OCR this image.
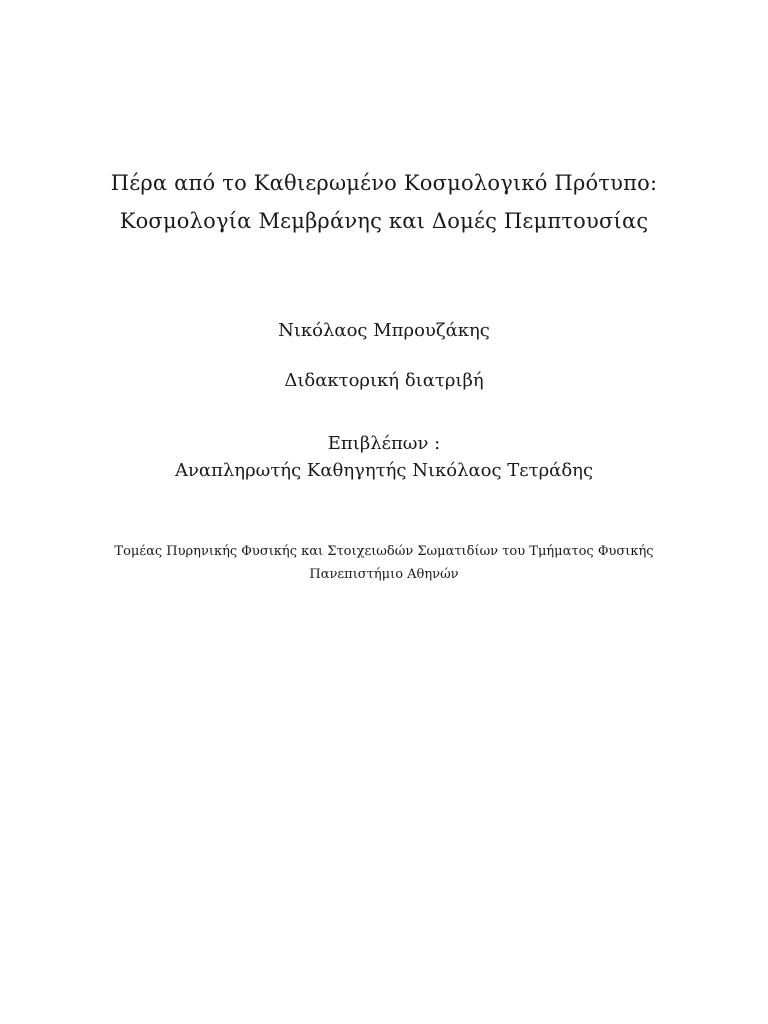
Πέρα από το Καθιερωμένο Κοσμολογικό Πρότυπο:
Κοσμολογία Μεμβράνης και Δομές Πεμπτουσίας
Νικόλαος Μπρουζάκης
Διδακτορική διατριβή
Επιβλέπων :
Αναπληρωτής Καθηγητής Νικόλαος Τετράδης
Τομέας Πυρηνικής Φυσικής και Στοιχειωδών Σωματιδίων του Τμήματος Φυσικής
Πανεπιστήμιο Αθηνών
